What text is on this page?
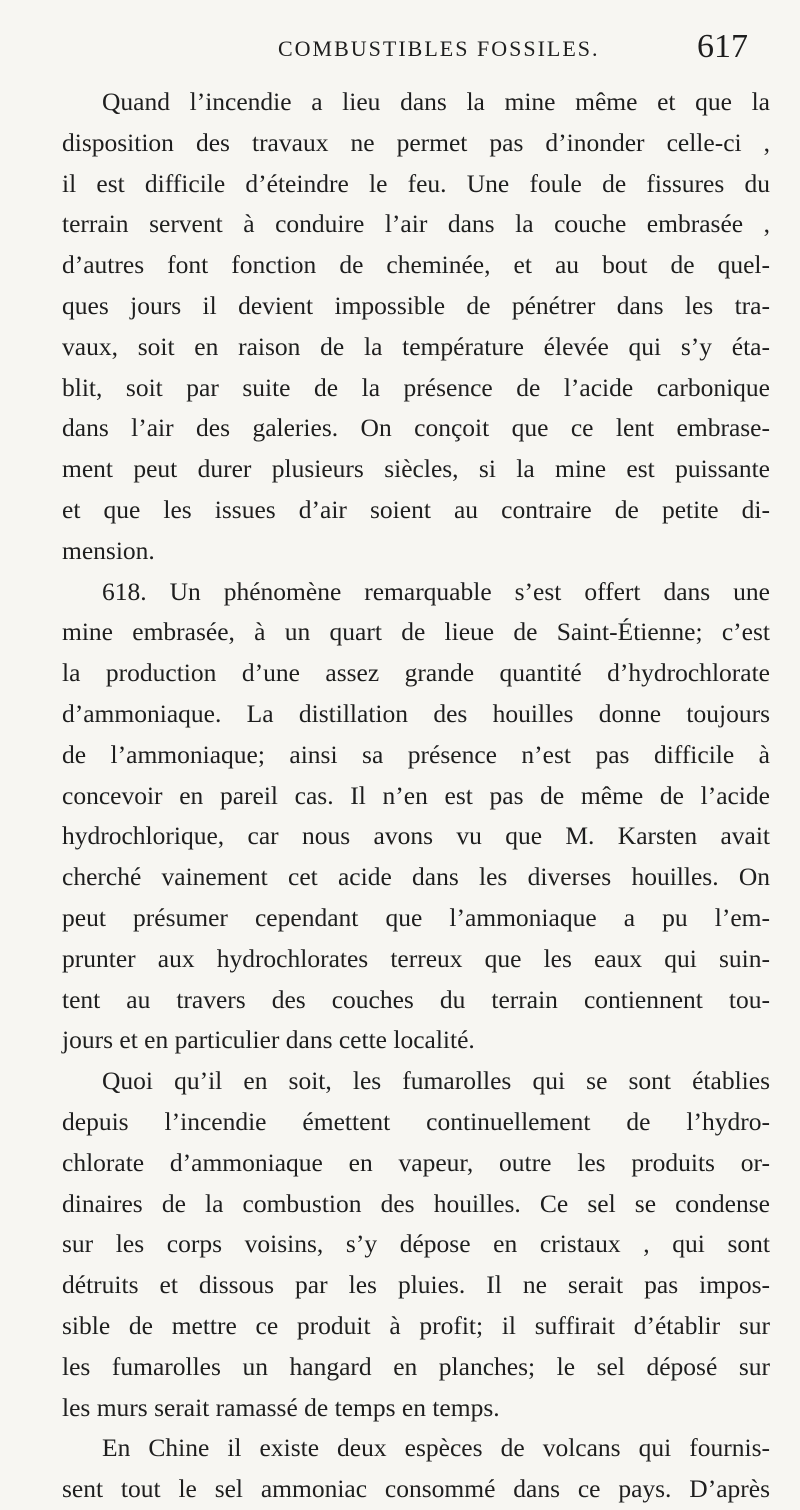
COMBUSTIBLES FOSSILES.	617
Quand l’incendie a lieu dans la mine même et que la
disposition des travaux ne permet pas d’inonder celle-ci ,
il est difficile d’éteindre le feu. Une foule de fissures du
terrain servent à conduire l’air dans la couche embrasée ,
d’autres font fonction de cheminée, et au bout de quel-
ques jours il devient impossible de pénétrer dans les tra-
vaux, soit en raison de la température élevée qui s’y éta-
blit, soit par suite de la présence de l’acide carbonique
dans l’air des galeries. On conçoit que ce lent embrase-
ment peut durer plusieurs siècles, si la mine est puissante
et que les issues d’air soient au contraire de petite di-
mension.
618. Un phénomène remarquable s’est offert dans une
mine embrasée, à un quart de lieue de Saint-Étienne; c’est
la production d’une assez grande quantité d’hydrochlorate
d’ammoniaque. La distillation des houilles donne toujours
de l’ammoniaque; ainsi sa présence n’est pas difficile à
concevoir en pareil cas. Il n’en est pas de même de l’acide
hydrochlorique, car nous avons vu que M. Karsten avait
cherché vainement cet acide dans les diverses houilles. On
peut présumer cependant que l’ammoniaque a pu l’em-
prunter aux hydrochlorates terreux que les eaux qui suin-
tent au travers des couches du terrain contiennent tou-
jours et en particulier dans cette localité.
Quoi qu’il en soit, les fumarolles qui se sont établies
depuis l’incendie émettent continuellement de l’hydro-
chlorate d’ammoniaque en vapeur, outre les produits or-
dinaires de la combustion des houilles. Ce sel se condense
sur les corps voisins, s’y dépose en cristaux , qui sont
détruits et dissous par les pluies. Il ne serait pas impos-
sible de mettre ce produit à profit; il suffirait d’établir sur
les fumarolles un hangard en planches; le sel déposé sur
les murs serait ramassé de temps en temps.
En Chine il existe deux espèces de volcans qui fournis-
sent tout le sel ammoniac consommé dans ce pays. D’après
